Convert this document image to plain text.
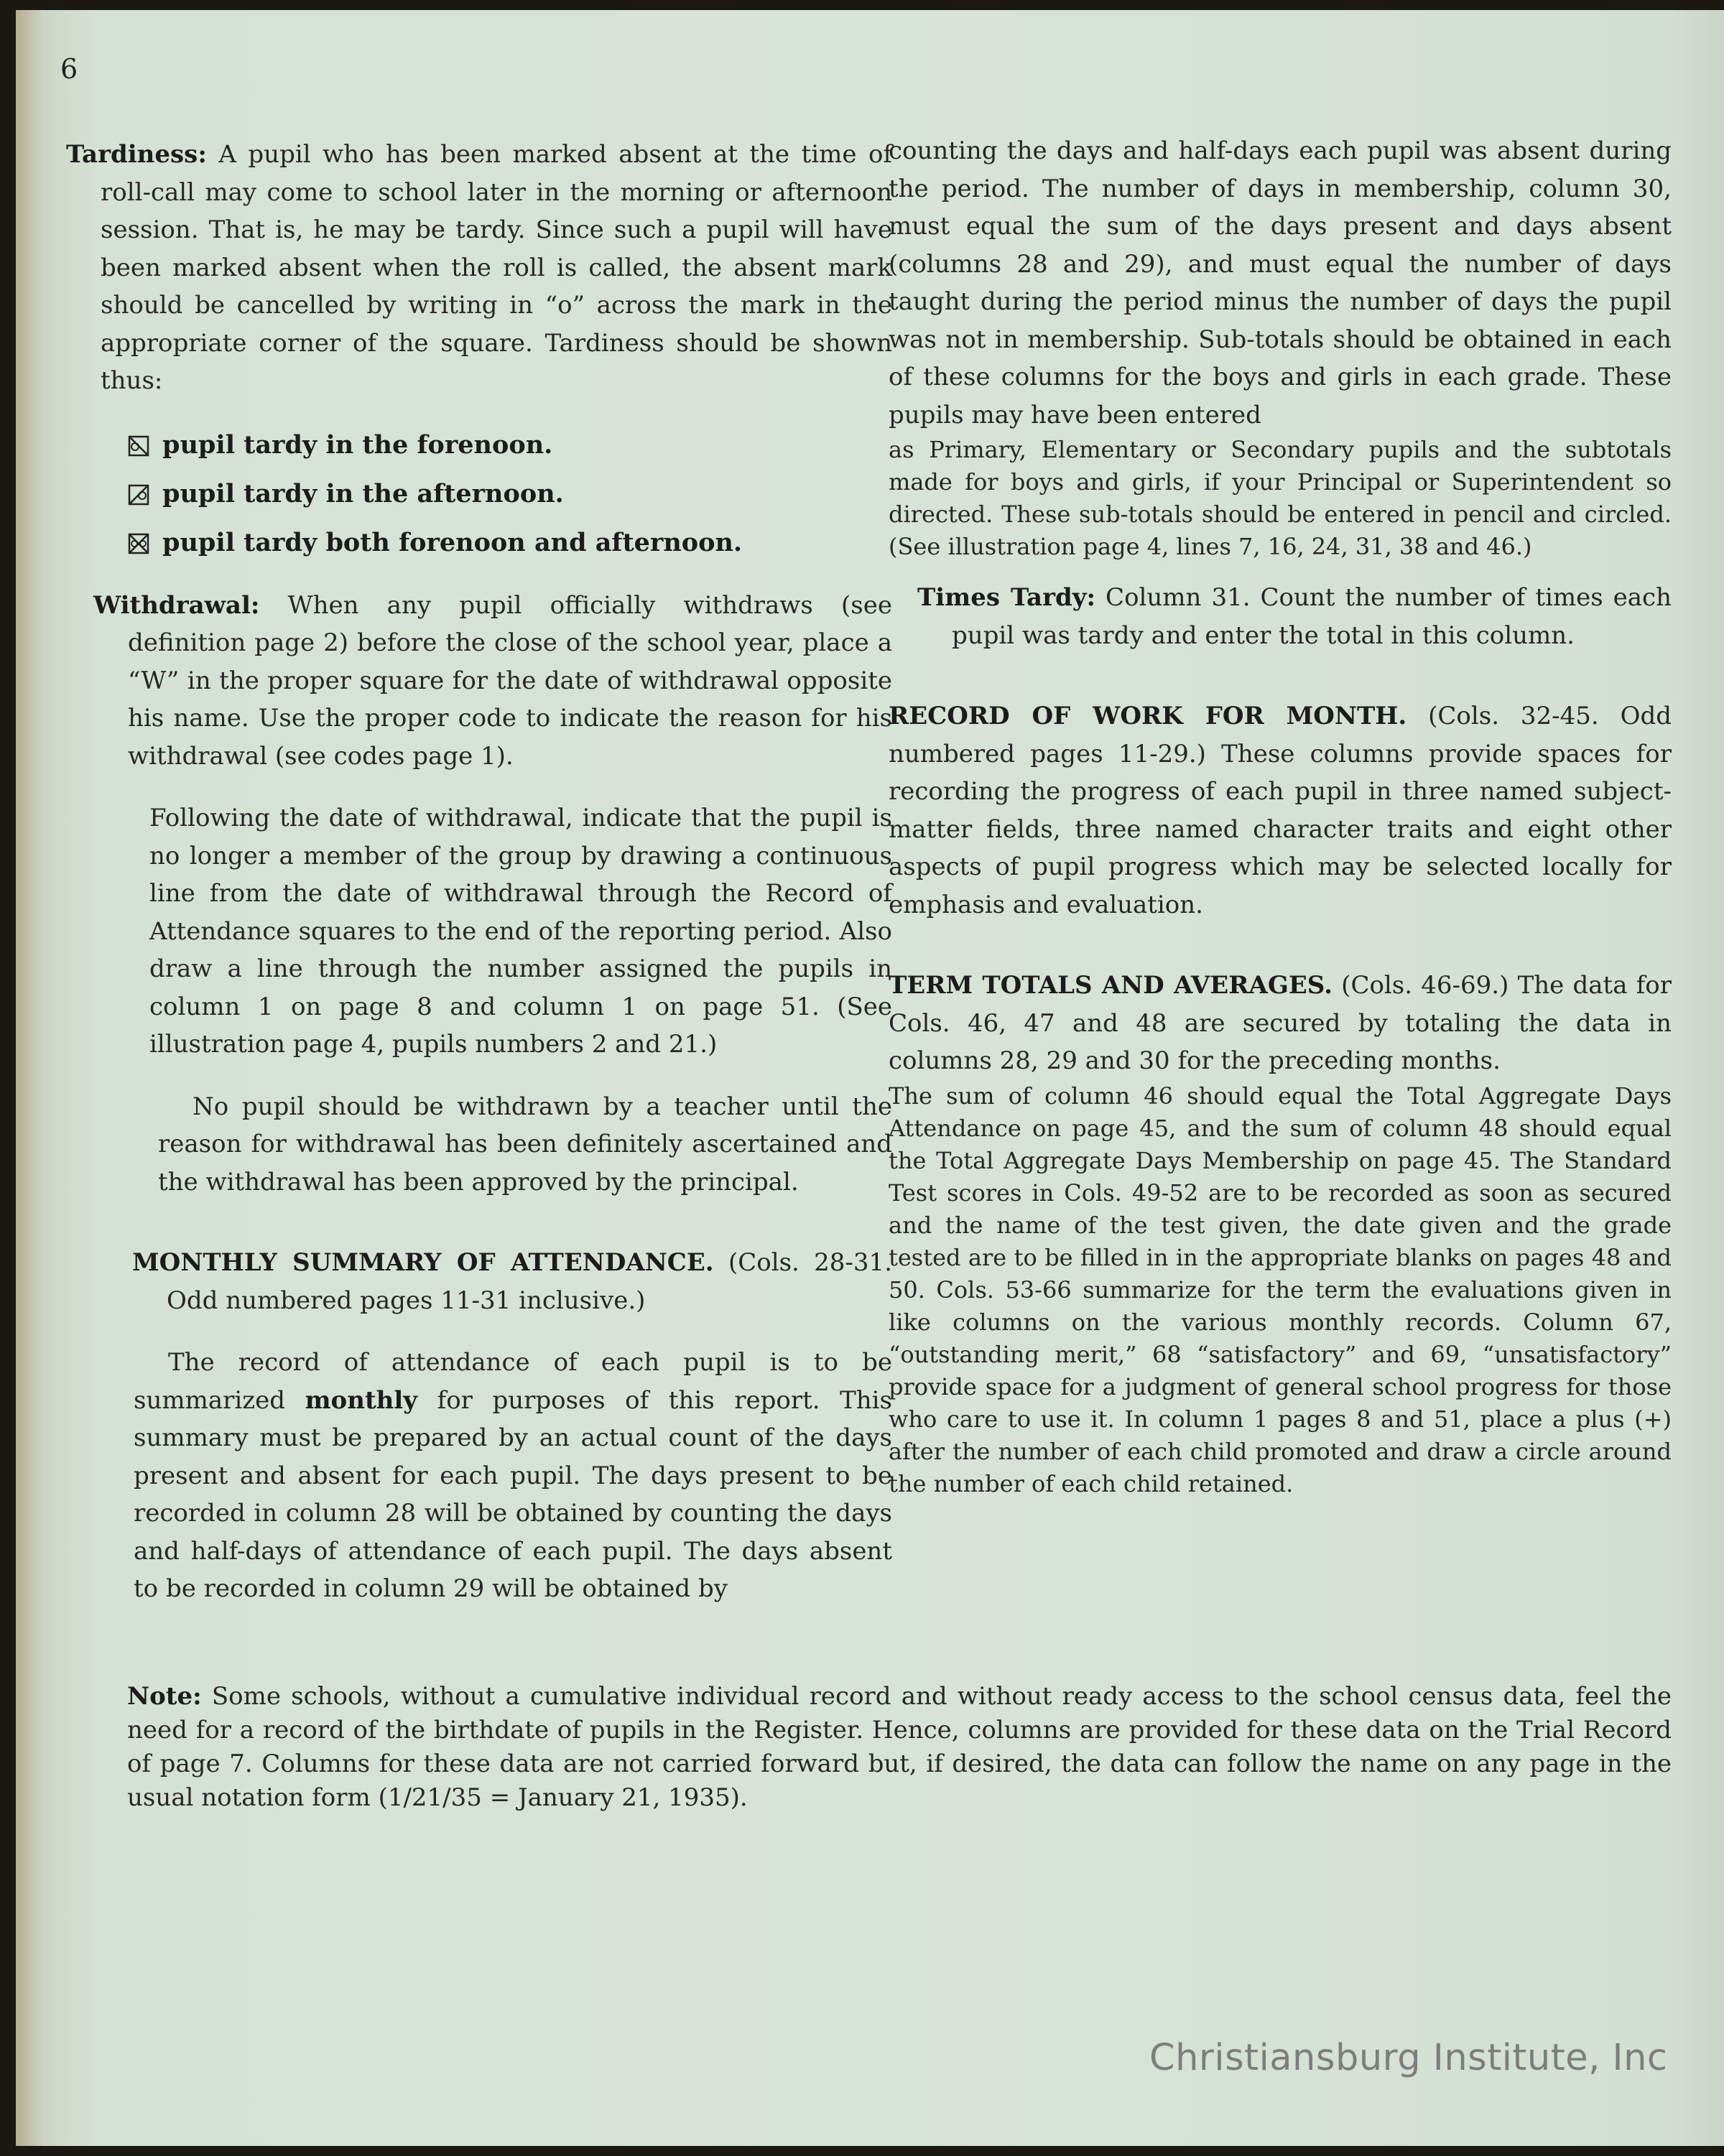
6

Tardiness: A pupil who has been marked absent at the time of roll-call may come to school later in the morning or afternoon session. That is, he may be tardy. Since such a pupil will have been marked absent when the roll is called, the absent mark should be cancelled by writing in “o” across the mark in the appropriate corner of the square. Tardiness should be shown thus:

pupil tardy in the forenoon.
pupil tardy in the afternoon.
pupil tardy both forenoon and afternoon.

Withdrawal: When any pupil officially withdraws (see definition page 2) before the close of the school year, place a “W” in the proper square for the date of withdrawal opposite his name. Use the proper code to indicate the reason for his withdrawal (see codes page 1).

Following the date of withdrawal, indicate that the pupil is no longer a member of the group by drawing a continuous line from the date of withdrawal through the Record of Attendance squares to the end of the reporting period. Also draw a line through the number assigned the pupils in column 1 on page 8 and column 1 on page 51. (See illustration page 4, pupils numbers 2 and 21.)

No pupil should be withdrawn by a teacher until the reason for withdrawal has been definitely ascertained and the withdrawal has been approved by the principal.

MONTHLY SUMMARY OF ATTENDANCE. (Cols. 28-31. Odd numbered pages 11-31 inclusive.)

The record of attendance of each pupil is to be summarized monthly for purposes of this report. This summary must be prepared by an actual count of the days present and absent for each pupil. The days present to be recorded in column 28 will be obtained by counting the days and half-days of attendance of each pupil. The days absent to be recorded in column 29 will be obtained by

counting the days and half-days each pupil was absent during the period. The number of days in membership, column 30, must equal the sum of the days present and days absent (columns 28 and 29), and must equal the number of days taught during the period minus the number of days the pupil was not in membership. Sub-totals should be obtained in each of these columns for the boys and girls in each grade. These pupils may have been entered

as Primary, Elementary or Secondary pupils and the subtotals made for boys and girls, if your Principal or Superintendent so directed. These sub-totals should be entered in pencil and circled. (See illustration page 4, lines 7, 16, 24, 31, 38 and 46.)

Times Tardy: Column 31. Count the number of times each pupil was tardy and enter the total in this column.

RECORD OF WORK FOR MONTH. (Cols. 32-45. Odd numbered pages 11-29.) These columns provide spaces for recording the progress of each pupil in three named subject-matter fields, three named character traits and eight other aspects of pupil progress which may be selected locally for emphasis and evaluation.

TERM TOTALS AND AVERAGES. (Cols. 46-69.) The data for Cols. 46, 47 and 48 are secured by totaling the data in columns 28, 29 and 30 for the preceding months.

The sum of column 46 should equal the Total Aggregate Days Attendance on page 45, and the sum of column 48 should equal the Total Aggregate Days Membership on page 45. The Standard Test scores in Cols. 49-52 are to be recorded as soon as secured and the name of the test given, the date given and the grade tested are to be filled in in the appropriate blanks on pages 48 and 50. Cols. 53-66 summarize for the term the evaluations given in like columns on the various monthly records. Column 67, “outstanding merit,” 68 “satisfactory” and 69, “unsatisfactory” provide space for a judgment of general school progress for those who care to use it. In column 1 pages 8 and 51, place a plus (+) after the number of each child promoted and draw a circle around the number of each child retained.

Note: Some schools, without a cumulative individual record and without ready access to the school census data, feel the need for a record of the birthdate of pupils in the Register. Hence, columns are provided for these data on the Trial Record of page 7. Columns for these data are not carried forward but, if desired, the data can follow the name on any page in the usual notation form (1/21/35 = January 21, 1935).

Christiansburg Institute, Inc
